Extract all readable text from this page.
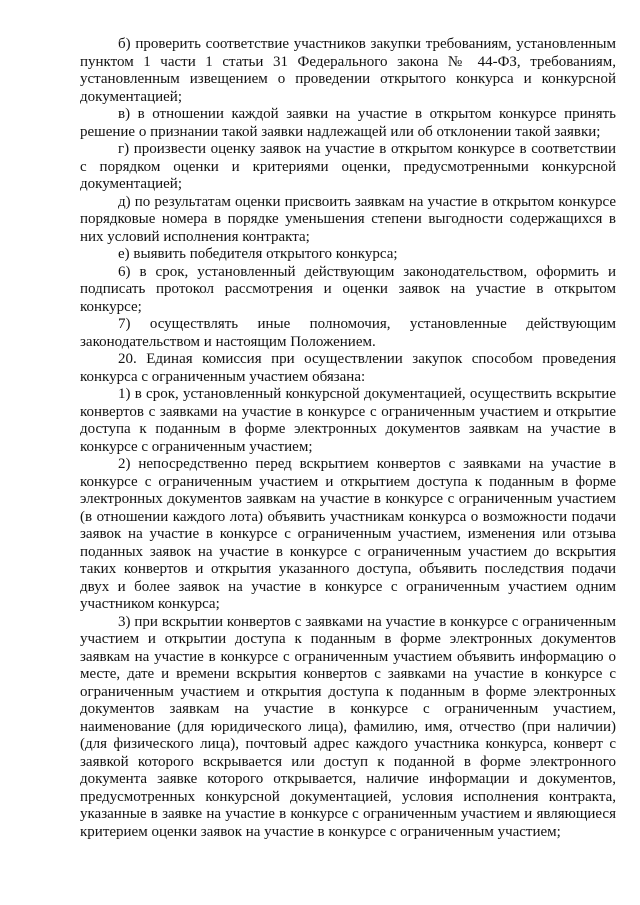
б) проверить соответствие участников закупки требованиям, установленным пунктом 1 части 1 статьи 31 Федерального закона № 44-ФЗ, требованиям, установленным извещением о проведении открытого конкурса и конкурсной документацией;

в) в отношении каждой заявки на участие в открытом конкурсе принять решение о признании такой заявки надлежащей или об отклонении такой заявки;

г) произвести оценку заявок на участие в открытом конкурсе в соответствии с порядком оценки и критериями оценки, предусмотренными конкурсной документацией;

д) по результатам оценки присвоить заявкам на участие в открытом конкурсе порядковые номера в порядке уменьшения степени выгодности содержащихся в них условий исполнения контракта;

е) выявить победителя открытого конкурса;

6) в срок, установленный действующим законодательством, оформить и подписать протокол рассмотрения и оценки заявок на участие в открытом конкурсе;

7) осуществлять иные полномочия, установленные действующим законодательством и настоящим Положением.

20. Единая комиссия при осуществлении закупок способом проведения конкурса с ограниченным участием обязана:

1) в срок, установленный конкурсной документацией, осуществить вскрытие конвертов с заявками на участие в конкурсе с ограниченным участием и открытие доступа к поданным в форме электронных документов заявкам на участие в конкурсе с ограниченным участием;

2) непосредственно перед вскрытием конвертов с заявками на участие в конкурсе с ограниченным участием и открытием доступа к поданным в форме электронных документов заявкам на участие в конкурсе с ограниченным участием (в отношении каждого лота) объявить участникам конкурса о возможности подачи заявок на участие в конкурсе с ограниченным участием, изменения или отзыва поданных заявок на участие в конкурсе с ограниченным участием до вскрытия таких конвертов и открытия указанного доступа, объявить последствия подачи двух и более заявок на участие в конкурсе с ограниченным участием одним участником конкурса;

3) при вскрытии конвертов с заявками на участие в конкурсе с ограниченным участием и открытии доступа к поданным в форме электронных документов заявкам на участие в конкурсе с ограниченным участием объявить информацию о месте, дате и времени вскрытия конвертов с заявками на участие в конкурсе с ограниченным участием и открытия доступа к поданным в форме электронных документов заявкам на участие в конкурсе с ограниченным участием, наименование (для юридического лица), фамилию, имя, отчество (при наличии) (для физического лица), почтовый адрес каждого участника конкурса, конверт с заявкой которого вскрывается или доступ к поданной в форме электронного документа заявке которого открывается, наличие информации и документов, предусмотренных конкурсной документацией, условия исполнения контракта, указанные в заявке на участие в конкурсе с ограниченным участием и являющиеся критерием оценки заявок на участие в конкурсе с ограниченным участием;
